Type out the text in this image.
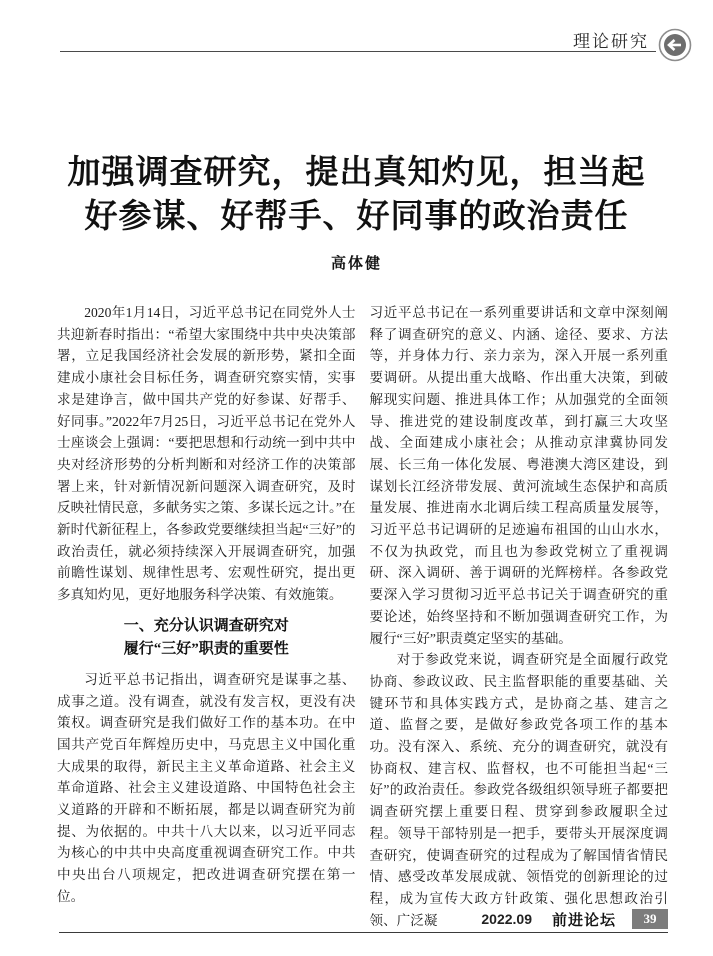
理论研究
加强调查研究，提出真知灼见，担当起
好参谋、好帮手、好同事的政治责任
高体健

2020年1月14日，习近平总书记在同党外人士共迎新春时指出：“希望大家围绕中共中央决策部署，立足我国经济社会发展的新形势，紧扣全面建成小康社会目标任务，调查研究察实情，实事求是建诤言，做中国共产党的好参谋、好帮手、好同事。”2022年7月25日，习近平总书记在党外人士座谈会上强调：“要把思想和行动统一到中共中央对经济形势的分析判断和对经济工作的决策部署上来，针对新情况新问题深入调查研究，及时反映社情民意，多献务实之策、多谋长远之计。”在新时代新征程上，各参政党要继续担当起“三好”的政治责任，就必须持续深入开展调查研究，加强前瞻性谋划、规律性思考、宏观性研究，提出更多真知灼见，更好地服务科学决策、有效施策。

一、充分认识调查研究对
履行“三好”职责的重要性

习近平总书记指出，调查研究是谋事之基、成事之道。没有调查，就没有发言权，更没有决策权。调查研究是我们做好工作的基本功。在中国共产党百年辉煌历史中，马克思主义中国化重大成果的取得，新民主主义革命道路、社会主义革命道路、社会主义建设道路、中国特色社会主义道路的开辟和不断拓展，都是以调查研究为前提、为依据的。中共十八大以来，以习近平同志为核心的中共中央高度重视调查研究工作。中共中央出台八项规定，把改进调查研究摆在第一位。

习近平总书记在一系列重要讲话和文章中深刻阐释了调查研究的意义、内涵、途径、要求、方法等，并身体力行、亲力亲为，深入开展一系列重要调研。从提出重大战略、作出重大决策，到破解现实问题、推进具体工作；从加强党的全面领导、推进党的建设制度改革，到打赢三大攻坚战、全面建成小康社会；从推动京津冀协同发展、长三角一体化发展、粤港澳大湾区建设，到谋划长江经济带发展、黄河流域生态保护和高质量发展、推进南水北调后续工程高质量发展等，习近平总书记调研的足迹遍布祖国的山山水水，不仅为执政党，而且也为参政党树立了重视调研、深入调研、善于调研的光辉榜样。各参政党要深入学习贯彻习近平总书记关于调查研究的重要论述，始终坚持和不断加强调查研究工作，为履行“三好”职责奠定坚实的基础。

对于参政党来说，调查研究是全面履行政党协商、参政议政、民主监督职能的重要基础、关键环节和具体实践方式，是协商之基、建言之道、监督之要，是做好参政党各项工作的基本功。没有深入、系统、充分的调查研究，就没有协商权、建言权、监督权，也不可能担当起“三好”的政治责任。参政党各级组织领导班子都要把调查研究摆上重要日程、贯穿到参政履职全过程。领导干部特别是一把手，要带头开展深度调查研究，使调查研究的过程成为了解国情省情民情、感受改革发展成就、领悟党的创新理论的过程，成为宣传大政方针政策、强化思想政治引领、广泛凝	2022.09 前进论坛	39
